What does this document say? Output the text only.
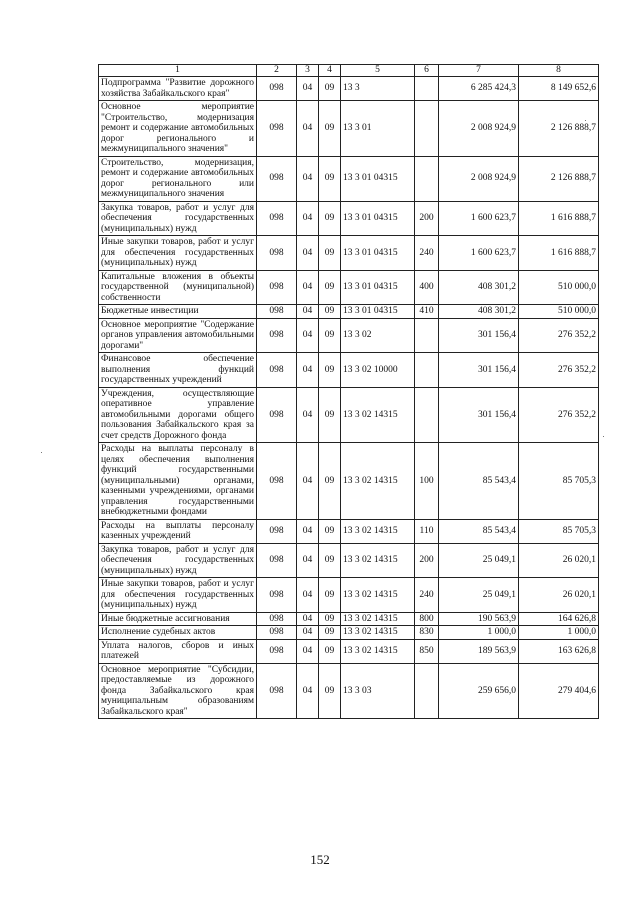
1	2	3	4	5	6	7	8
Подпрограмма "Развитие дорожного хозяйства Забайкальского края"	098	04	09	13 3		6 285 424,3	8 149 652,6
Основное мероприятие "Строительство, модернизация ремонт и содержание автомобильных дорог регионального и межмуниципального значения"	098	04	09	13 3 01		2 008 924,9	2 126 888,7
Строительство, модернизация, ремонт и содержание автомобильных дорог регионального или межмуниципального значения	098	04	09	13 3 01 04315		2 008 924,9	2 126 888,7
Закупка товаров, работ и услуг для обеспечения государственных (муниципальных) нужд	098	04	09	13 3 01 04315	200	1 600 623,7	1 616 888,7
Иные закупки товаров, работ и услуг для обеспечения государственных (муниципальных) нужд	098	04	09	13 3 01 04315	240	1 600 623,7	1 616 888,7
Капитальные вложения в объекты государственной (муниципальной) собственности	098	04	09	13 3 01 04315	400	408 301,2	510 000,0
Бюджетные инвестиции	098	04	09	13 3 01 04315	410	408 301,2	510 000,0
Основное мероприятие "Содержание органов управления автомобильными дорогами"	098	04	09	13 3 02		301 156,4	276 352,2
Финансовое обеспечение выполнения функций государственных учреждений	098	04	09	13 3 02 10000		301 156,4	276 352,2
Учреждения, осуществляющие оперативное управление автомобильными дорогами общего пользования Забайкальского края за счет средств Дорожного фонда	098	04	09	13 3 02 14315		301 156,4	276 352,2
Расходы на выплаты персоналу в целях обеспечения выполнения функций государственными (муниципальными) органами, казенными учреждениями, органами управления государственными внебюджетными фондами	098	04	09	13 3 02 14315	100	85 543,4	85 705,3
Расходы на выплаты персоналу казенных учреждений	098	04	09	13 3 02 14315	110	85 543,4	85 705,3
Закупка товаров, работ и услуг для обеспечения государственных (муниципальных) нужд	098	04	09	13 3 02 14315	200	25 049,1	26 020,1
Иные закупки товаров, работ и услуг для обеспечения государственных (муниципальных) нужд	098	04	09	13 3 02 14315	240	25 049,1	26 020,1
Иные бюджетные ассигнования	098	04	09	13 3 02 14315	800	190 563,9	164 626,8
Исполнение судебных актов	098	04	09	13 3 02 14315	830	1 000,0	1 000,0
Уплата налогов, сборов и иных платежей	098	04	09	13 3 02 14315	850	189 563,9	163 626,8
Основное мероприятие "Субсидии, предоставляемые из дорожного фонда Забайкальского края муниципальным образованиям Забайкальского края"	098	04	09	13 3 03		259 656,0	279 404,6
152
